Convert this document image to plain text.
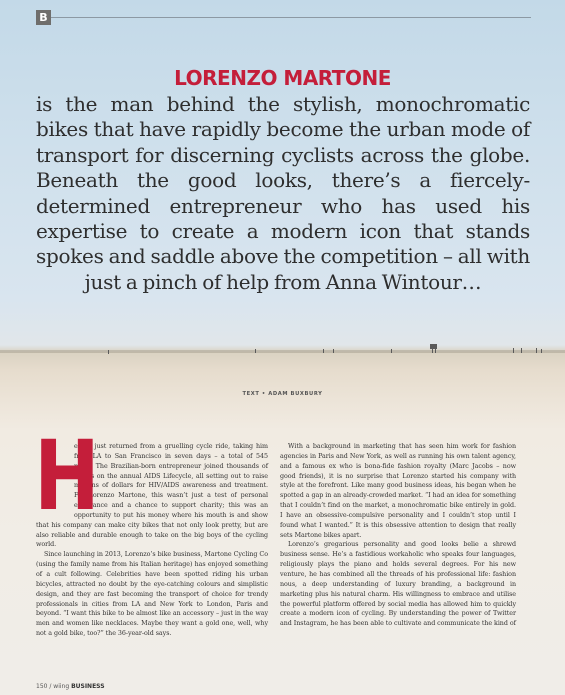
B
LORENZO MARTONE
is the man behind the stylish, monochromatic bikes that have rapidly become the urban mode of transport for discerning cyclists across the globe. Beneath the good looks, there’s a fiercely-determined entrepreneur who has used his expertise to create a modern icon that stands spokes and saddle above the competition – all with just a pinch of help from Anna Wintour…
TEXT • ADAM BUXBURY

H
e has just returned from a gruelling cycle ride, taking him from LA to San Francisco in seven days – a total of 545 miles. The Brazilian-born entrepreneur joined thousands of others on the annual AIDS Lifecycle, all setting out to raise millions of dollars for HIV/AIDS awareness and treatment. For Lorenzo Martone, this wasn’t just a test of personal endurance and a chance to support charity; this was an opportunity to put his money where his mouth is and show that his company can make city bikes that not only look pretty, but are also reliable and durable enough to take on the big boys of the cycling world.

Since launching in 2013, Lorenzo’s bike business, Martone Cycling Co (using the family name from his Italian heritage) has enjoyed something of a cult following. Celebrities have been spotted riding his urban bicycles, attracted no doubt by the eye-catching colours and simplistic design, and they are fast becoming the transport of choice for trendy professionals in cities from LA and New York to London, Paris and beyond. “I want this bike to be almost like an accessory – just in the way men and women like necklaces. Maybe they want a gold one, well, why not a gold bike, too?” the 36-year-old says.

With a background in marketing that has seen him work for fashion agencies in Paris and New York, as well as running his own talent agency, and a famous ex who is bona-fide fashion royalty (Marc Jacobs – now good friends), it is no surprise that Lorenzo started his company with style at the forefront. Like many good business ideas, his began when he spotted a gap in an already-crowded market. “I had an idea for something that I couldn’t find on the market, a monochromatic bike entirely in gold. I have an obsessive-compulsive personality and I couldn’t stop until I found what I wanted.” It is this obsessive attention to design that really sets Martone bikes apart.

Lorenzo’s gregarious personality and good looks belie a shrewd business sense. He’s a fastidious workaholic who speaks four languages, religiously plays the piano and holds several degrees. For his new venture, he has combined all the threads of his professional life: fashion nous, a deep understanding of luxury branding, a background in marketing plus his natural charm. His willingness to embrace and utilise the powerful platform offered by social media has allowed him to quickly create a modern icon of cycling. By understanding the power of Twitter and Instagram, he has been able to cultivate and communicate the kind of

150 / wiing BUSINESS
